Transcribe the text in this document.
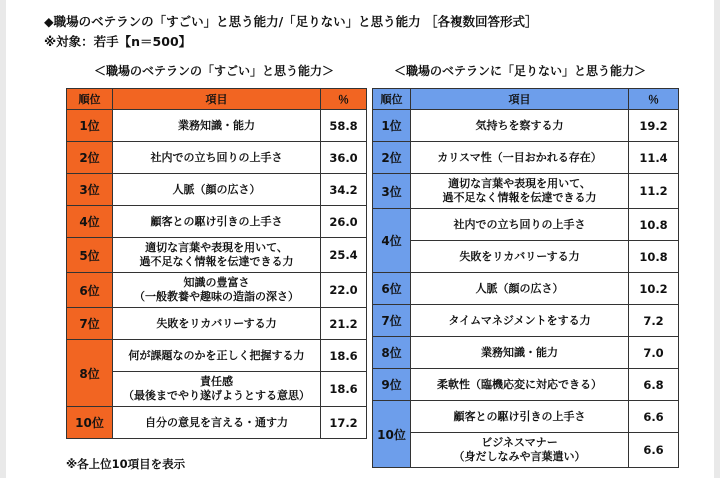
◆職場のベテランの「すごい」と思う能力/「足りない」と思う能力 ［各複数回答形式］
※対象：若手【n＝500】
＜職場のベテランの「すごい」と思う能力＞	＜職場のベテランに「足りない」と思う能力＞
順位	項目	％

1位	業務知識・能力	58.8

2位	社内での立ち回りの上手さ	36.0

3位	人脈（顔の広さ）	34.2

4位	顧客との駆け引きの上手さ	26.0

5位	適切な言葉や表現を用いて、
過不足なく情報を伝達できる力	25.4

6位	知識の豊富さ
（一般教養や趣味の造詣の深さ）	22.0

7位	失敗をリカバリーする力	21.2

8位	何が課題なのかを正しく把握する力	18.6

	責任感
（最後までやり遂げようとする意思）	18.6

10位	自分の意見を言える・通す力	17.2
順位	項目	％

1位	気持ちを察する力	19.2

2位	カリスマ性（一目おかれる存在）	11.4

3位	適切な言葉や表現を用いて、
過不足なく情報を伝達できる力	11.2

4位	社内での立ち回りの上手さ	10.8

	失敗をリカバリーする力	10.8

6位	人脈（顔の広さ）	10.2

7位	タイムマネジメントをする力	7.2

8位	業務知識・能力	7.0

9位	柔軟性（臨機応変に対応できる）	6.8

10位	顧客との駆け引きの上手さ	6.6

	ビジネスマナー
（身だしなみや言葉遣い）	6.6
※各上位10項目を表示
